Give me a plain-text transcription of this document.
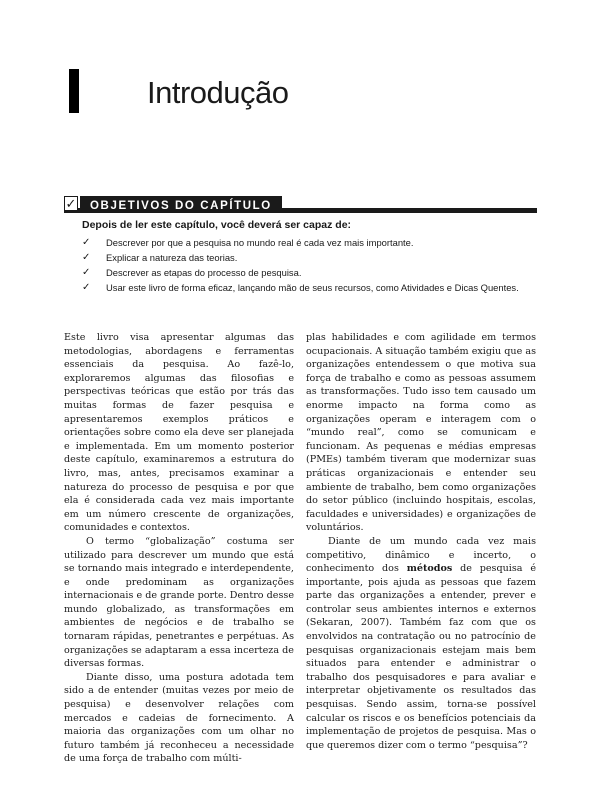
Introdução
✓	OBJETIVOS DO CAPÍTULO

Depois de ler este capítulo, você deverá ser capaz de:

✓ Descrever por que a pesquisa no mundo real é cada vez mais importante.
✓ Explicar a natureza das teorias.
✓ Descrever as etapas do processo de pesquisa.
✓ Usar este livro de forma eficaz, lançando mão de seus recursos, como Atividades e Dicas Quentes.

Este livro visa apresentar algumas das metodologias, abordagens e ferramentas essenciais da pesquisa. Ao fazê-lo, exploraremos algumas das filosofias e perspectivas teóricas que estão por trás das muitas formas de fazer pesquisa e apresentaremos exemplos práticos e orientações sobre como ela deve ser planejada e implementada. Em um momento posterior deste capítulo, examinaremos a estrutura do livro, mas, antes, precisamos examinar a natureza do processo de pesquisa e por que ela é considerada cada vez mais importante em um número crescente de organizações, comunidades e contextos.

O termo “globalização” costuma ser utilizado para descrever um mundo que está se tornando mais integrado e interdependente, e onde predominam as organizações internacionais e de grande porte. Dentro desse mundo globalizado, as transformações em ambientes de negócios e de trabalho se tornaram rápidas, penetrantes e perpétuas. As organizações se adaptaram a essa incerteza de diversas formas.

Diante disso, uma postura adotada tem sido a de entender (muitas vezes por meio de pesquisa) e desenvolver relações com mercados e cadeias de fornecimento. A maioria das organizações com um olhar no futuro também já reconheceu a necessidade de uma força de trabalho com múlti-

plas habilidades e com agilidade em termos ocupacionais. A situação também exigiu que as organizações entendessem o que motiva sua força de trabalho e como as pessoas assumem as transformações. Tudo isso tem causado um enorme impacto na forma como as organizações operam e interagem com o “mundo real”, como se comunicam e funcionam. As pequenas e médias empresas (PMEs) também tiveram que modernizar suas práticas organizacionais e entender seu ambiente de trabalho, bem como organizações do setor público (incluindo hospitais, escolas, faculdades e universidades) e organizações de voluntários.

Diante de um mundo cada vez mais competitivo, dinâmico e incerto, o conhecimento dos métodos de pesquisa é importante, pois ajuda as pessoas que fazem parte das organizações a entender, prever e controlar seus ambientes internos e externos (Sekaran, 2007). Também faz com que os envolvidos na contratação ou no patrocínio de pesquisas organizacionais estejam mais bem situados para entender e administrar o trabalho dos pesquisadores e para avaliar e interpretar objetivamente os resultados das pesquisas. Sendo assim, torna-se possível calcular os riscos e os benefícios potenciais da implementação de projetos de pesquisa. Mas o que queremos dizer com o termo “pesquisa”?
